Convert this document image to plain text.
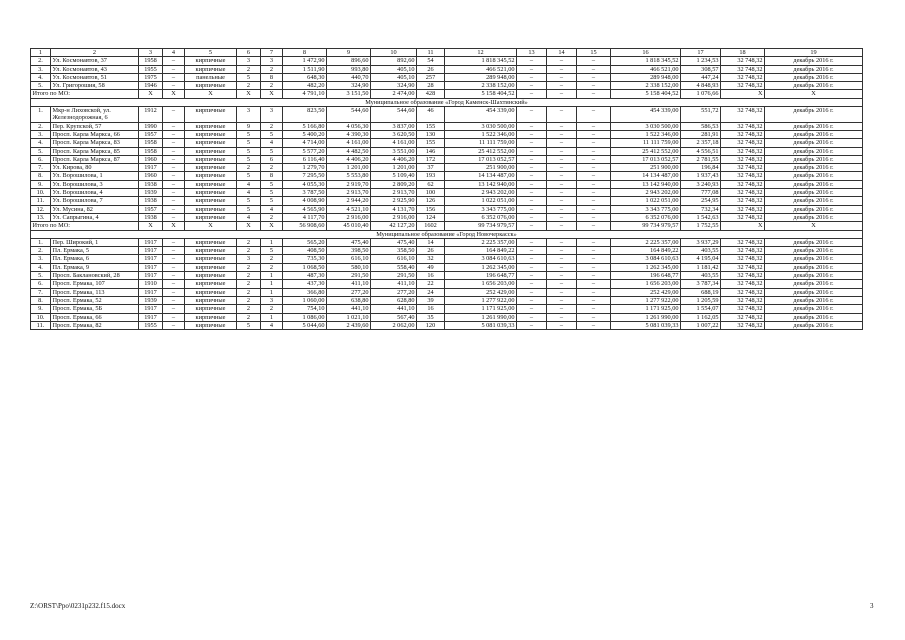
1	2	3	4	5	6	7	8	9	10	11	12	13	14	15	16	17	18	19
2.	Ул. Космонавтов, 37	1958	–	кирпичные	3	3	1 472,90	896,60	892,60	54	1 818 345,52	–	–	–	1 818 345,52	1 234,53	32 748,32	декабрь 2016 г.
3.	Ул. Космонавтов, 43	1955	–	кирпичные	2	2	1 511,90	993,80	405,10	26	466 521,00	–	–	–	466 521,00	308,57	32 748,32	декабрь 2016 г.
4.	Ул. Космонавтов, 51	1975	–	панельные	5	8	648,30	440,70	405,10	257	289 948,00	–	–	–	289 948,00	447,24	32 748,32	декабрь 2016 г.
5.	Ул. Григорошия, 58	1946	–	кирпичные	2	2	482,20	324,90	324,90	28	2 338 152,00	–	–	–	2 338 152,00	4 848,93	32 748,32	декабрь 2016 г.
Итого по МО:		X	X	X	X	X	4 791,10	3 151,50	2 474,00	428	5 158 404,52	–	–	–	5 158 404,52	1 076,66	X	X
Муниципальное образование «Город Каменск-Шахтинский»																		
1.	Мкр-н Лиховской, ул. Железнодорожная, 6	1912	–	кирпичные	3	3	823,50	544,60	544,60	46	454 339,00	–	–	–	454 339,00	551,72	32 748,32	декабрь 2016 г.
2.	Пер. Крупской, 57	1990	–	кирпичные	9	2	5 166,80	4 056,30	3 837,00	155	3 030 500,00	–	–	–	3 030 500,00	586,53	32 748,32	декабрь 2016 г.
3.	Просп. Карла Маркса, 66	1957	–	кирпичные	5	5	5 400,20	4 390,30	3 620,50	130	1 522 346,00	–	–	–	1 522 346,00	281,91	32 748,32	декабрь 2016 г.
4.	Просп. Карла Маркса, 83	1958	–	кирпичные	5	4	4 714,00	4 161,00	4 161,00	155	11 111 759,00	–	–	–	11 111 759,00	2 357,18	32 748,32	декабрь 2016 г.
5.	Просп. Карла Маркса, 85	1958	–	кирпичные	5	5	5 577,20	4 482,50	3 551,00	146	25 412 552,00	–	–	–	25 412 552,00	4 556,51	32 748,32	декабрь 2016 г.
6.	Просп. Карла Маркса, 87	1960	–	кирпичные	5	6	6 116,40	4 406,20	4 406,20	172	17 013 052,57	–	–	–	17 013 052,57	2 781,55	32 748,32	декабрь 2016 г.
7.	Ул. Кирова, 80	1917	–	кирпичные	2	2	1 279,70	1 201,00	1 201,00	37	251 900,00	–	–	–	251 900,00	196,84	32 748,32	декабрь 2016 г.
8.	Ул. Ворошилова, 1	1960	–	кирпичные	5	8	7 295,50	5 553,80	5 109,40	193	14 134 487,00	–	–	–	14 134 487,00	1 937,43	32 748,32	декабрь 2016 г.
9.	Ул. Ворошилова, 3	1938	–	кирпичные	4	5	4 055,30	2 919,70	2 809,20	62	13 142 940,00	–	–	–	13 142 940,00	3 240,93	32 748,32	декабрь 2016 г.
10.	Ул. Ворошилова, 4	1939	–	кирпичные	4	5	3 787,50	2 913,70	2 913,70	100	2 943 202,00	–	–	–	2 943 202,00	777,08	32 748,32	декабрь 2016 г.
11.	Ул. Ворошилова, 7	1938	–	кирпичные	5	5	4 008,90	2 944,20	2 925,90	126	1 022 051,00	–	–	–	1 022 051,00	254,95	32 748,32	декабрь 2016 г.
12.	Ул. Мусина, 82	1957	–	кирпичные	5	4	4 565,90	4 521,10	4 131,70	156	3 343 775,00	–	–	–	3 343 775,00	732,34	32 748,32	декабрь 2016 г.
13.	Ул. Сапрыгина, 4	1938	–	кирпичные	4	2	4 117,70	2 916,00	2 916,00	124	6 352 076,00	–	–	–	6 352 076,00	1 542,63	32 748,32	декабрь 2016 г.
Итого по МО:		X	X	X	X	X	56 908,60	45 010,40	42 127,20	1602	99 734 979,57	–	–	–	99 734 979,57	1 752,55	X	X
Муниципальное образование «Город Новочеркасск»																		
1.	Пер. Широкий, 1	1917	–	кирпичные	2	1	565,20	475,40	475,40	14	2 225 357,00	–	–	–	2 225 357,00	3 937,29	32 748,32	декабрь 2016 г.
2.	Пл. Ермака, 5	1917	–	кирпичные	2	5	408,50	398,50	358,50	26	164 849,22	–	–	–	164 849,22	403,55	32 748,32	декабрь 2016 г.
3.	Пл. Ермака, 6	1917	–	кирпичные	3	2	735,30	616,10	616,10	32	3 084 610,63	–	–	–	3 084 610,63	4 195,04	32 748,32	декабрь 2016 г.
4.	Пл. Ермака, 9	1917	–	кирпичные	2	2	1 068,50	580,10	558,40	49	1 262 345,00	–	–	–	1 262 345,00	1 181,42	32 748,32	декабрь 2016 г.
5.	Просп. Баклановский, 28	1917	–	кирпичные	2	1	487,30	291,50	291,50	16	196 648,77	–	–	–	196 648,77	403,55	32 748,32	декабрь 2016 г.
6.	Просп. Ермака, 107	1910	–	кирпичные	2	1	437,30	411,10	411,10	22	1 656 203,00	–	–	–	1 656 203,00	3 787,34	32 748,32	декабрь 2016 г.
7.	Просп. Ермака, 113	1917	–	кирпичные	2	1	366,80	277,20	277,20	24	252 429,00	–	–	–	252 429,00	688,19	32 748,32	декабрь 2016 г.
8.	Просп. Ермака, 52	1939	–	кирпичные	2	3	1 060,00	638,80	628,80	39	1 277 922,00	–	–	–	1 277 922,00	1 205,59	32 748,32	декабрь 2016 г.
9.	Просп. Ермака, 5Б	1917	–	кирпичные	2	2	754,10	441,10	441,10	16	1 171 925,00	–	–	–	1 171 925,00	1 554,07	32 748,32	декабрь 2016 г.
10.	Просп. Ермака, 66	1917	–	кирпичные	2	1	1 086,00	1 021,10	567,40	35	1 261 990,00	–	–	–	1 261 990,00	1 162,05	32 748,32	декабрь 2016 г.
11.	Просп. Ермака, 82	1955	–	кирпичные	5	4	5 044,60	2 439,60	2 062,00	120	5 081 039,33	–	–	–	5 081 039,33	1 007,22	32 748,32	декабрь 2016 г.
Z:\ORST\Ppo\0231p232.f15.docx	3
